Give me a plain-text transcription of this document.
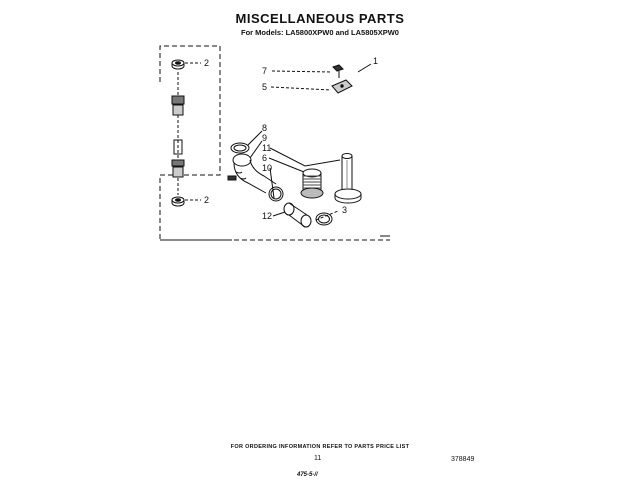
MISCELLANEOUS PARTS
For Models: LA5800XPW0 and LA5805XPW0
1
2
2
3
5
6
7
8
9
10
11
12
FOR ORDERING INFORMATION REFER TO PARTS PRICE LIST
11	378849
475-5-//
